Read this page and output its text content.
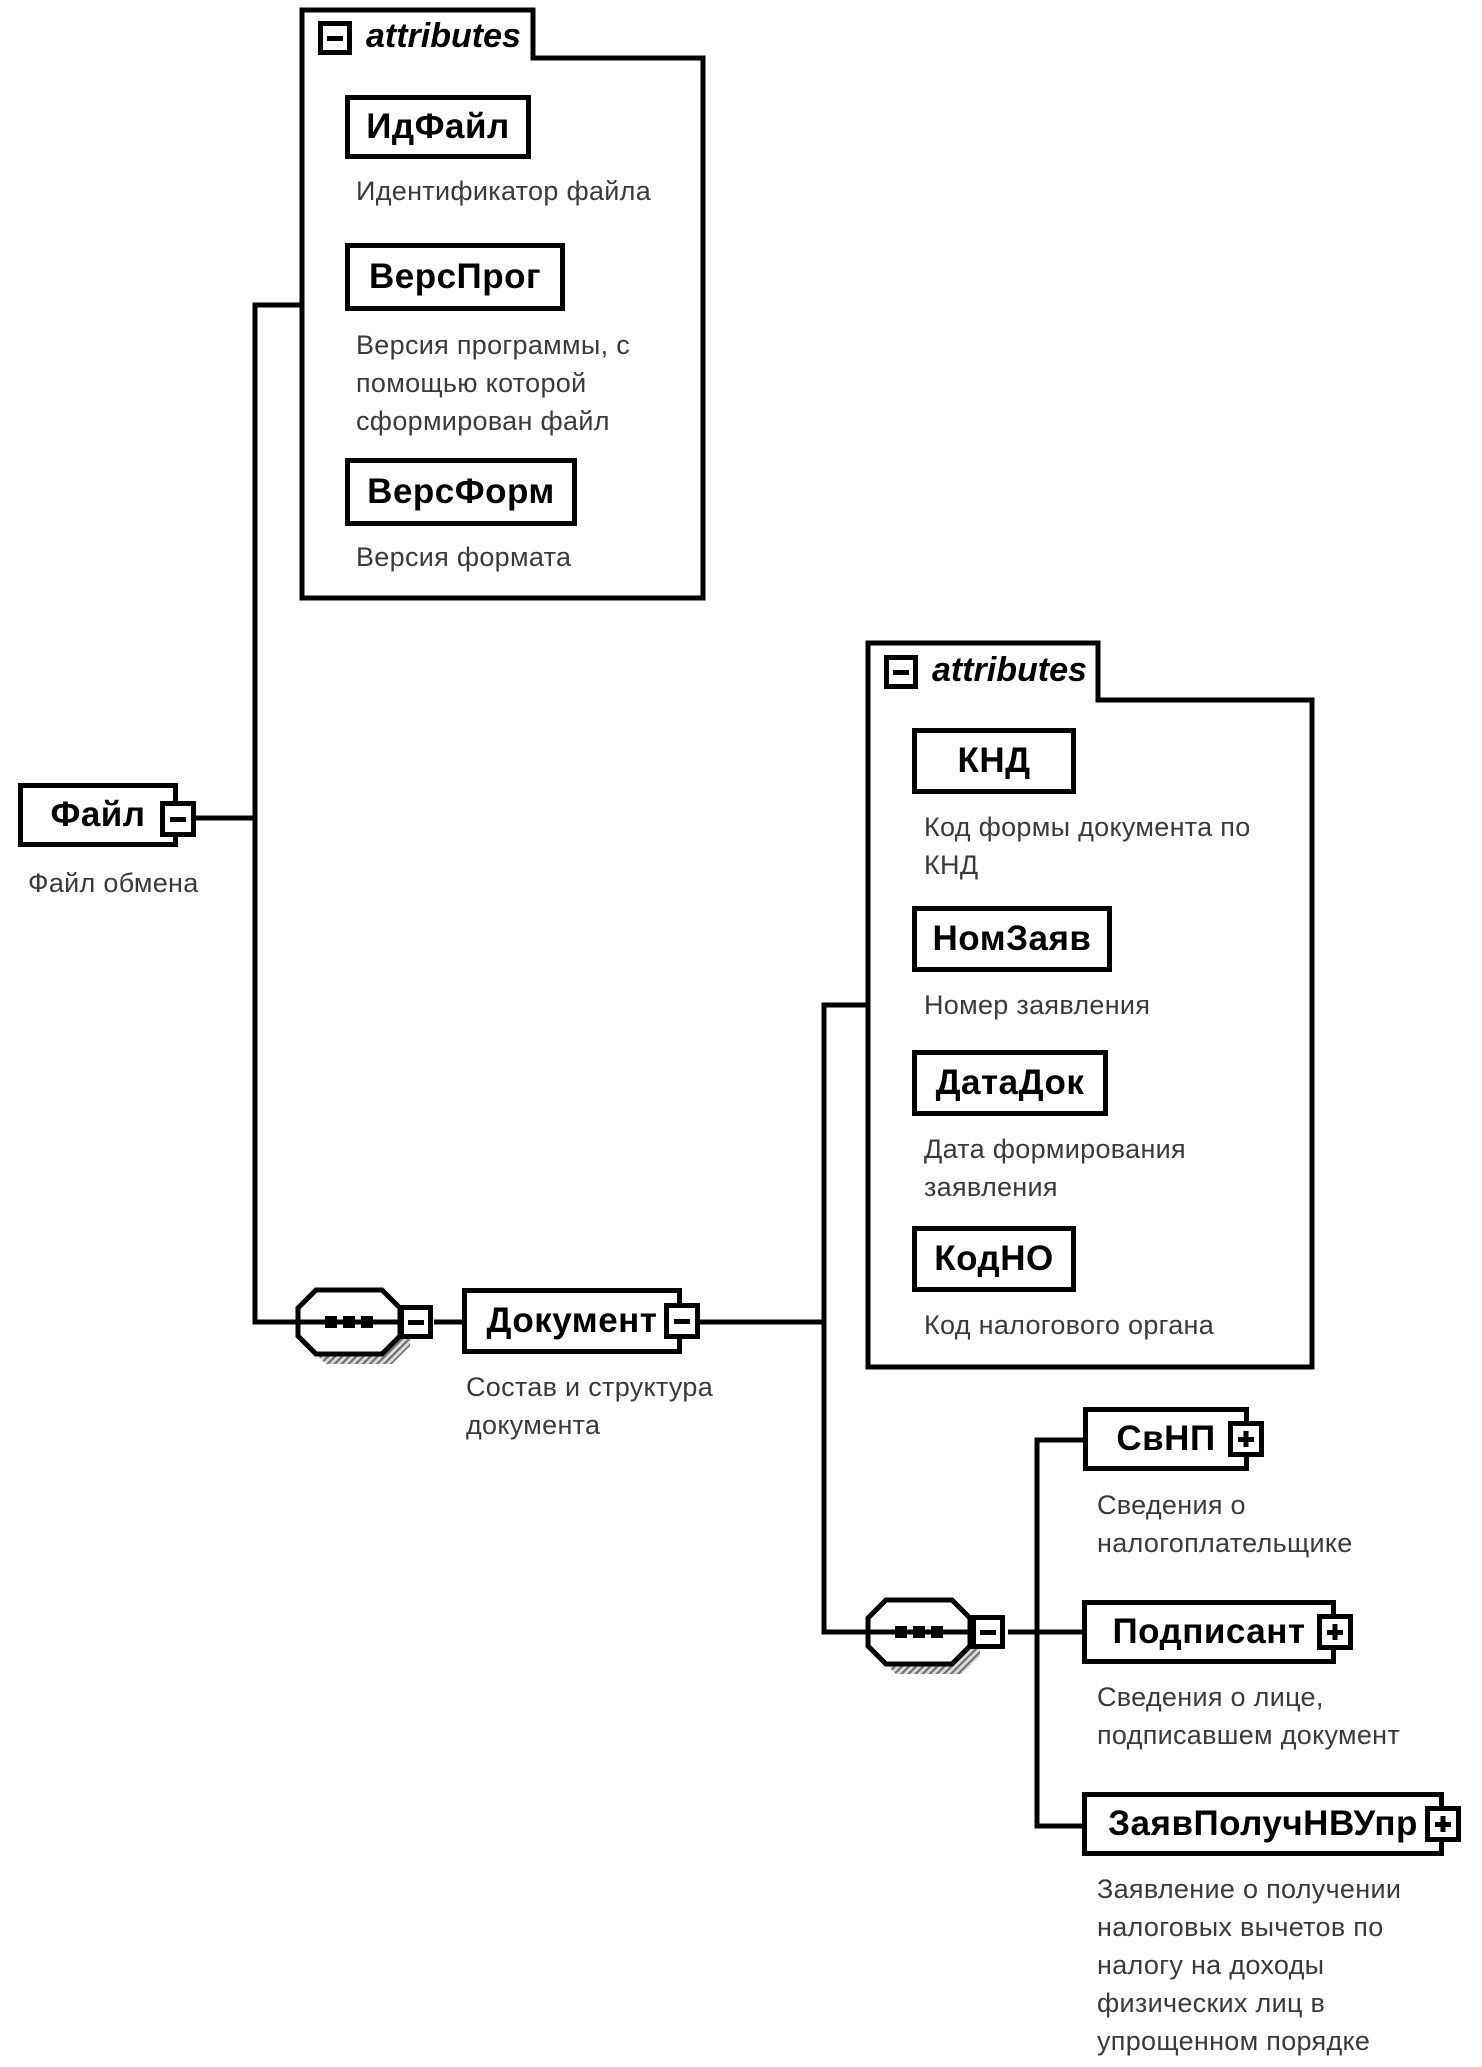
Файл
Файл обмена
attributes
ИдФайл
Идентификатор файла
ВерсПрог
Версия программы, с помощью которой сформирован файл
ВерсФорм
Версия формата
attributes
КНД
Код формы документа по КНД
НомЗаяв
Номер заявления
ДатаДок
Дата формирования заявления
КодНО
Код налогового органа
Документ
Состав и структура документа	СвНП
Сведения о налогоплательщике
Подписант
Сведения о лице, подписавшем документ
ЗаявПолучНВУпр
Заявление о получении налоговых вычетов по налогу на доходы физических лиц в упрощенном порядке
